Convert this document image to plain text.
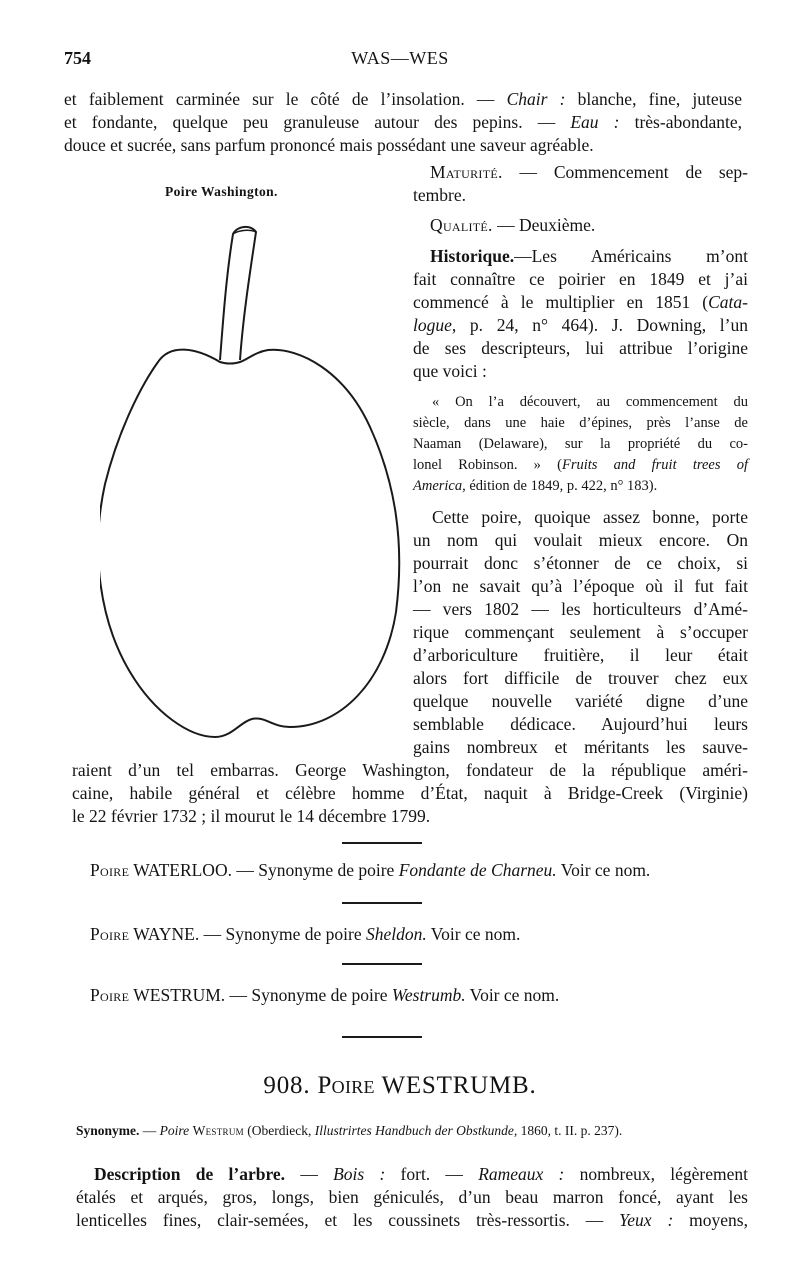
754	WAS—WES
et faiblement carminée sur le côté de l’insolation. — Chair : blanche, fine, juteuse
et fondante, quelque peu granuleuse autour des pepins. — Eau : très-abondante,
douce et sucrée, sans parfum prononcé mais possédant une saveur agréable.
Poire Washington.
Maturité. — Commencement de sep-
tembre.
Qualité. — Deuxième.
Historique.—Les Américains m’ont
fait connaître ce poirier en 1849 et j’ai
commencé à le multiplier en 1851 (Cata-
logue, p. 24, n° 464). J. Downing, l’un
de ses descripteurs, lui attribue l’origine
que voici :
« On l’a découvert, au commencement du
siècle, dans une haie d’épines, près l’anse de
Naaman (Delaware), sur la propriété du co-
lonel Robinson. » (Fruits and fruit trees of
America, édition de 1849, p. 422, n° 183).
Cette poire, quoique assez bonne, porte
un nom qui voulait mieux encore. On
pourrait donc s’étonner de ce choix, si
l’on ne savait qu’à l’époque où il fut fait
— vers 1802 — les horticulteurs d’Amé-
rique commençant seulement à s’occuper
d’arboriculture fruitière, il leur était
alors fort difficile de trouver chez eux
quelque nouvelle variété digne d’une
semblable dédicace. Aujourd’hui leurs
gains nombreux et méritants les sauve-
raient d’un tel embarras. George Washington, fondateur de la république améri-
caine, habile général et célèbre homme d’État, naquit à Bridge-Creek (Virginie)
le 22 février 1732 ; il mourut le 14 décembre 1799.
Poire WATERLOO. — Synonyme de poire Fondante de Charneu. Voir ce nom.
Poire WAYNE. — Synonyme de poire Sheldon. Voir ce nom.
Poire WESTRUM. — Synonyme de poire Westrumb. Voir ce nom.
908. Poire WESTRUMB.
Synonyme. — Poire Westrum (Oberdieck, Illustrirtes Handbuch der Obstkunde, 1860, t. II. p. 237).
Description de l’arbre. — Bois : fort. — Rameaux : nombreux, légèrement
étalés et arqués, gros, longs, bien géniculés, d’un beau marron foncé, ayant les
lenticelles fines, clair-semées, et les coussinets très-ressortis. — Yeux : moyens,
